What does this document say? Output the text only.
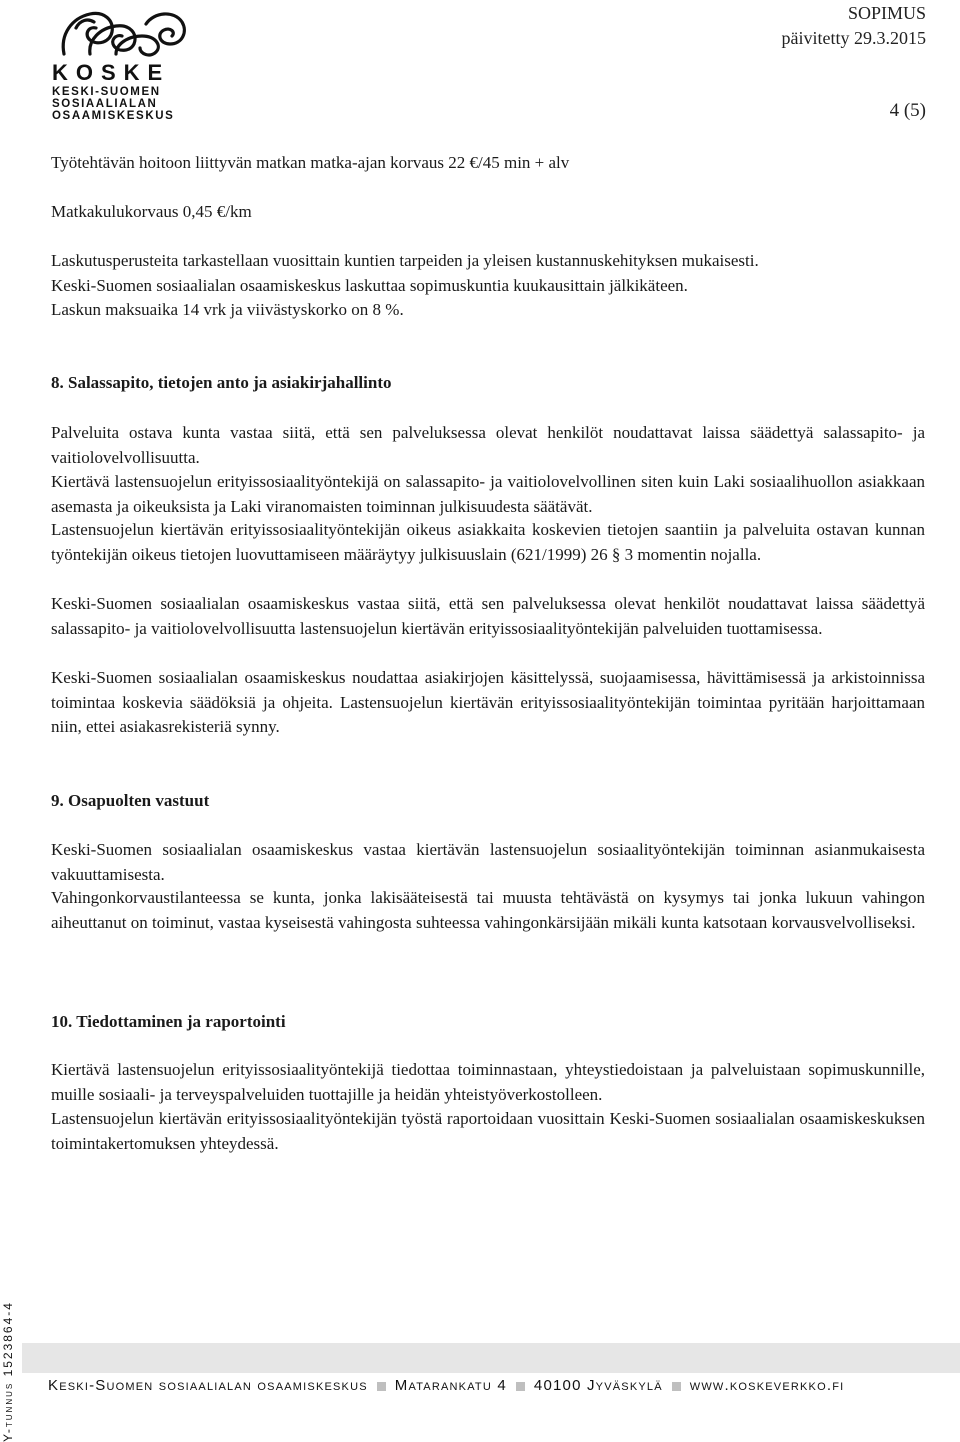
KOSKE
KESKI-SUOMEN
SOSIAALIALAN
OSAAMISKESKUS
SOPIMUS
päivitetty 29.3.2015
4 (5)
Työtehtävän hoitoon liittyvän matkan matka-ajan korvaus 22 €/45 min + alv
Matkakulukorvaus 0,45 €/km
Laskutusperusteita tarkastellaan vuosittain kuntien tarpeiden ja yleisen kustannuskehityksen mukaisesti.
Keski-Suomen sosiaalialan osaamiskeskus laskuttaa sopimuskuntia kuukausittain jälkikäteen.
Laskun maksuaika 14 vrk ja viivästyskorko on 8 %.
8. Salassapito, tietojen anto ja asiakirjahallinto
Palveluita ostava kunta vastaa siitä, että sen palveluksessa olevat henkilöt noudattavat laissa säädettyä salassapito- ja vaitiolovelvollisuutta.
Kiertävä lastensuojelun erityissosiaalityöntekijä on salassapito- ja vaitiolovelvollinen siten kuin Laki sosiaalihuollon asiakkaan asemasta ja oikeuksista ja Laki viranomaisten toiminnan julkisuudesta säätävät.
Lastensuojelun kiertävän erityissosiaalityöntekijän oikeus asiakkaita koskevien tietojen saantiin ja palveluita ostavan kunnan työntekijän oikeus tietojen luovuttamiseen määräytyy julkisuuslain (621/1999) 26 § 3 momentin nojalla.
Keski-Suomen sosiaalialan osaamiskeskus vastaa siitä, että sen palveluksessa olevat henkilöt noudattavat laissa säädettyä salassapito- ja vaitiolovelvollisuutta lastensuojelun kiertävän erityissosiaalityöntekijän palveluiden tuottamisessa.
Keski-Suomen sosiaalialan osaamiskeskus noudattaa asiakirjojen käsittelyssä, suojaamisessa, hävittämisessä ja arkistoinnissa toimintaa koskevia säädöksiä ja ohjeita. Lastensuojelun kiertävän erityissosiaalityöntekijän toimintaa pyritään harjoittamaan niin, ettei asiakasrekisteriä synny.
9. Osapuolten vastuut
Keski-Suomen sosiaalialan osaamiskeskus vastaa kiertävän lastensuojelun sosiaalityöntekijän toiminnan asianmukaisesta vakuuttamisesta.
Vahingonkorvaustilanteessa se kunta, jonka lakisääteisestä tai muusta tehtävästä on kysymys tai jonka lukuun vahingon aiheuttanut on toiminut, vastaa kyseisestä vahingosta suhteessa vahingonkärsijään mikäli kunta katsotaan korvausvelvolliseksi.
10. Tiedottaminen ja raportointi
Kiertävä lastensuojelun erityissosiaalityöntekijä tiedottaa toiminnastaan, yhteystiedoistaan ja palveluistaan sopimuskunnille, muille sosiaali- ja terveyspalveluiden tuottajille ja heidän yhteistyöverkostolleen.
Lastensuojelun kiertävän erityissosiaalityöntekijän työstä raportoidaan vuosittain Keski-Suomen sosiaalialan osaamiskeskuksen toimintakertomuksen yhteydessä.
Keski-Suomen sosiaalialan osaamiskeskus Matarankatu 4 40100 Jyväskylä www.koskeverkko.fi
Y-tunnus 1523864-4
